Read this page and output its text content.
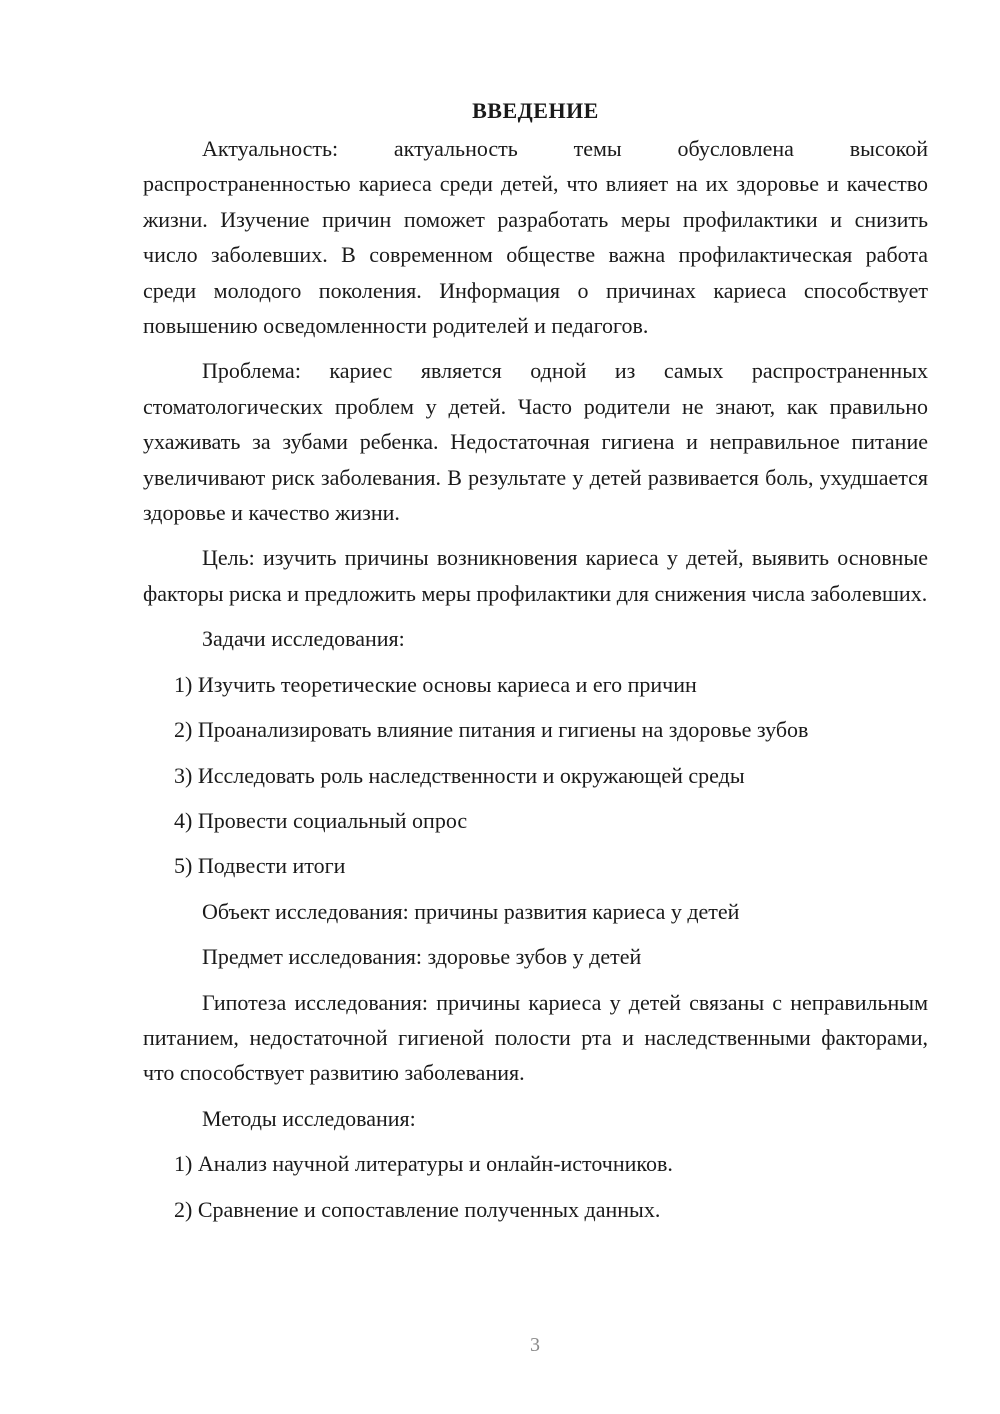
ВВЕДЕНИЕ

Актуальность: актуальность темы обусловлена высокой распространенностью кариеса среди детей, что влияет на их здоровье и качество жизни. Изучение причин поможет разработать меры профилактики и снизить число заболевших. В современном обществе важна профилактическая работа среди молодого поколения. Информация о причинах кариеса способствует повышению осведомленности родителей и педагогов.

Проблема: кариес является одной из самых распространенных стоматологических проблем у детей. Часто родители не знают, как правильно ухаживать за зубами ребенка. Недостаточная гигиена и неправильное питание увеличивают риск заболевания. В результате у детей развивается боль, ухудшается здоровье и качество жизни.

Цель: изучить причины возникновения кариеса у детей, выявить основные факторы риска и предложить меры профилактики для снижения числа заболевших.

Задачи исследования:
1) Изучить теоретические основы кариеса и его причин
2) Проанализировать влияние питания и гигиены на здоровье зубов
3) Исследовать роль наследственности и окружающей среды
4) Провести социальный опрос
5) Подвести итоги
Объект исследования: причины развития кариеса у детей
Предмет исследования: здоровье зубов у детей

Гипотеза исследования: причины кариеса у детей связаны с неправильным питанием, недостаточной гигиеной полости рта и наследственными факторами, что способствует развитию заболевания.

Методы исследования:
1) Анализ научной литературы и онлайн-источников.
2) Сравнение и сопоставление полученных данных.
3
